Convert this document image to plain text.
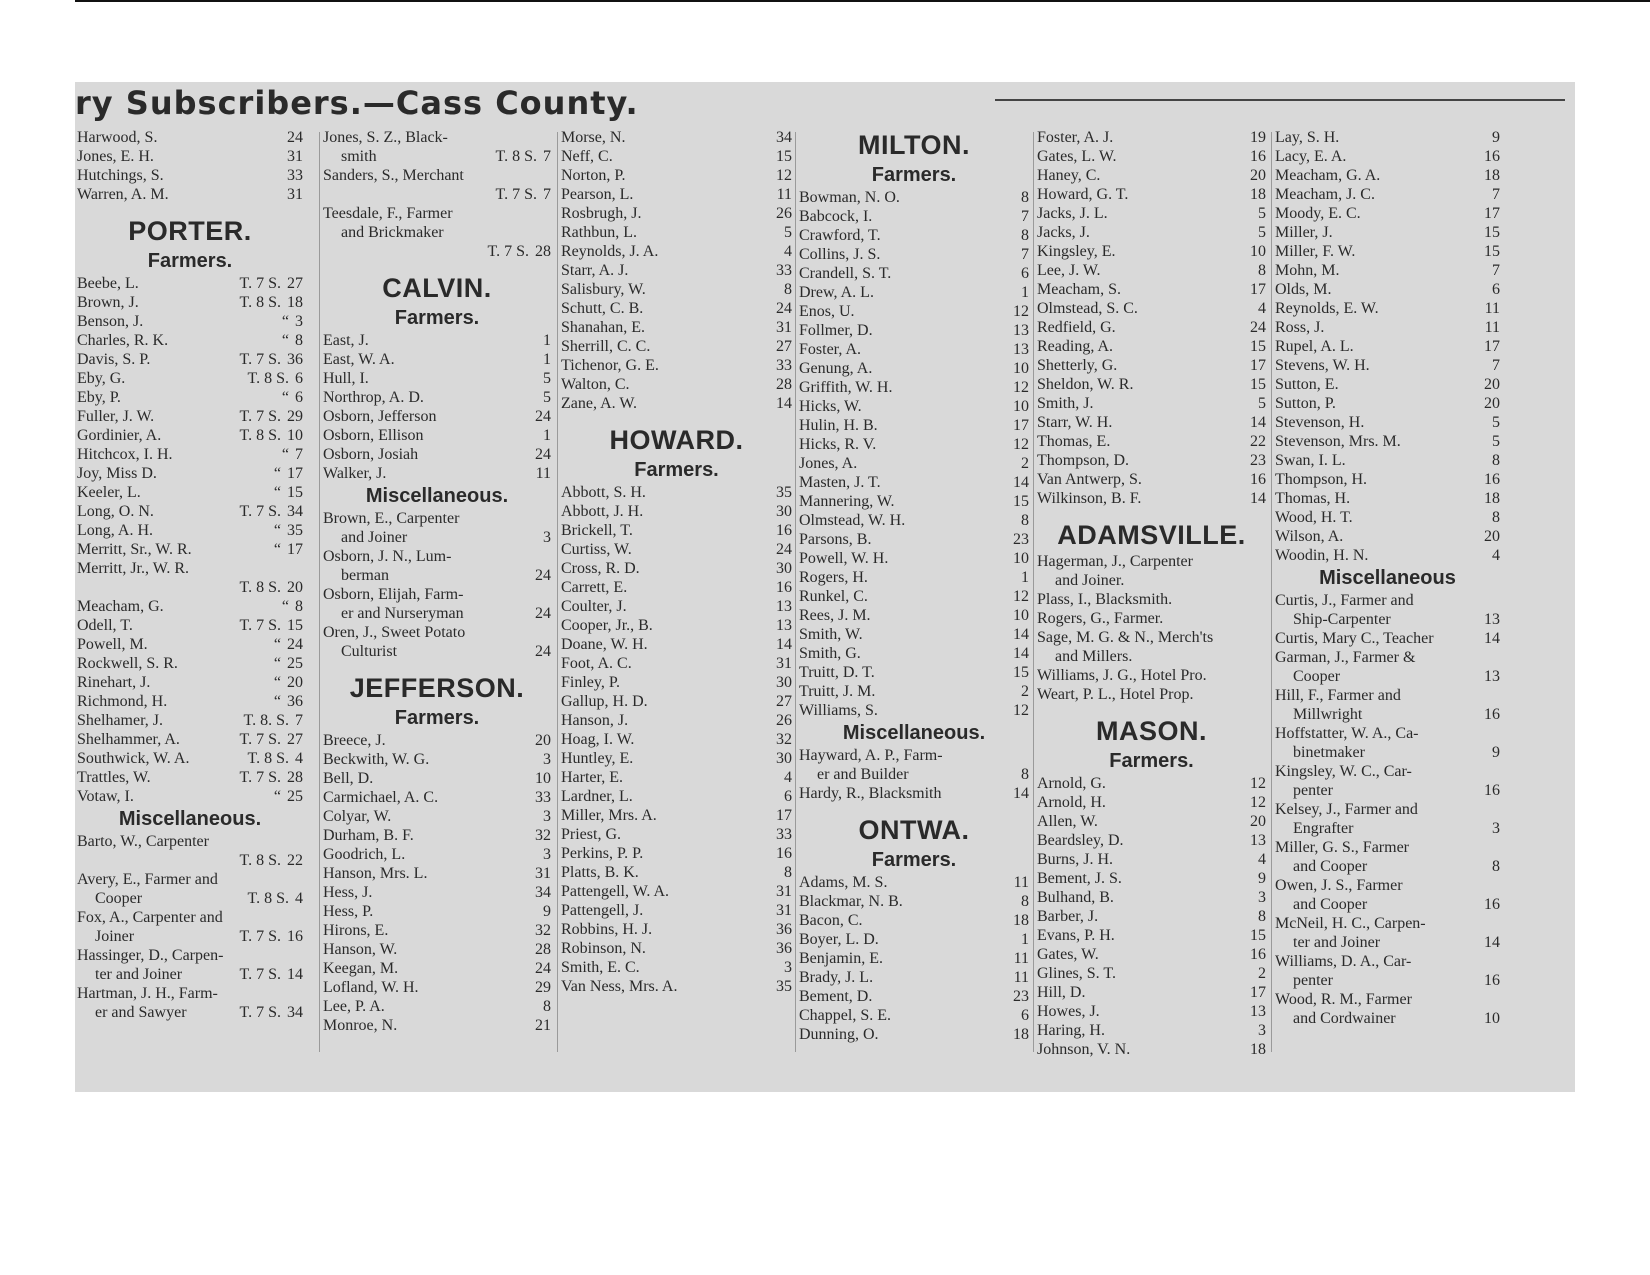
ry Subscribers.—Cass County.
Harwood, S.	24
Jones, E. H.	31
Hutchings, S.	33
Warren, A. M.	31
PORTER.
Farmers.
Beebe, L.	T. 7 S. 27
Brown, J.	T. 8 S. 18
Benson, J.	“ 3
Charles, R. K.	“ 8
Davis, S. P.	T. 7 S. 36
Eby, G.	T. 8 S. 6
Eby, P.	“ 6
Fuller, J. W.	T. 7 S. 29
Gordinier, A.	T. 8 S. 10
Hitchcox, I. H.	“ 7
Joy, Miss D.	“ 17
Keeler, L.	“ 15
Long, O. N.	T. 7 S. 34
Long, A. H.	“ 35
Merritt, Sr., W. R.	“ 17
Merritt, Jr., W. R.
T. 8 S. 20
Meacham, G.	“ 8
Odell, T.	T. 7 S. 15
Powell, M.	“ 24
Rockwell, S. R.	“ 25
Rinehart, J.	“ 20
Richmond, H.	“ 36
Shelhamer, J.	T. 8. S. 7
Shelhammer, A.	T. 7 S. 27
Southwick, W. A.	T. 8 S. 4
Trattles, W.	T. 7 S. 28
Votaw, I.	“ 25
Miscellaneous.
Barto, W., Carpenter
T. 8 S. 22
Avery, E., Farmer and
Cooper	T. 8 S. 4
Fox, A., Carpenter and
Joiner	T. 7 S. 16
Hassinger, D., Carpen-
ter and Joiner	T. 7 S. 14
Hartman, J. H., Farm-
er and Sawyer	T. 7 S. 34
Jones, S. Z., Black-
smith	T. 8 S. 7
Sanders, S., Merchant
T. 7 S. 7
Teesdale, F., Farmer
and Brickmaker
T. 7 S. 28
CALVIN.
Farmers.
East, J.	1
East, W. A.	1
Hull, I.	5
Northrop, A. D.	5
Osborn, Jefferson	24
Osborn, Ellison	1
Osborn, Josiah	24
Walker, J.	11
Miscellaneous.
Brown, E., Carpenter
and Joiner	3
Osborn, J. N., Lum-
berman	24
Osborn, Elijah, Farm-
er and Nurseryman	24
Oren, J., Sweet Potato
Culturist	24
JEFFERSON.
Farmers.
Breece, J.	20
Beckwith, W. G.	3
Bell, D.	10
Carmichael, A. C.	33
Colyar, W.	3
Durham, B. F.	32
Goodrich, L.	3
Hanson, Mrs. L.	31
Hess, J.	34
Hess, P.	9
Hirons, E.	32
Hanson, W.	28
Keegan, M.	24
Lofland, W. H.	29
Lee, P. A.	8
Monroe, N.	21
Morse, N.	34
Neff, C.	15
Norton, P.	12
Pearson, L.	11
Rosbrugh, J.	26
Rathbun, L.	5
Reynolds, J. A.	4
Starr, A. J.	33
Salisbury, W.	8
Schutt, C. B.	24
Shanahan, E.	31
Sherrill, C. C.	27
Tichenor, G. E.	33
Walton, C.	28
Zane, A. W.	14
HOWARD.
Farmers.
Abbott, S. H.	35
Abbott, J. H.	30
Brickell, T.	16
Curtiss, W.	24
Cross, R. D.	30
Carrett, E.	16
Coulter, J.	13
Cooper, Jr., B.	13
Doane, W. H.	14
Foot, A. C.	31
Finley, P.	30
Gallup, H. D.	27
Hanson, J.	26
Hoag, I. W.	32
Huntley, E.	30
Harter, E.	4
Lardner, L.	6
Miller, Mrs. A.	17
Priest, G.	33
Perkins, P. P.	16
Platts, B. K.	8
Pattengell, W. A.	31
Pattengell, J.	31
Robbins, H. J.	36
Robinson, N.	36
Smith, E. C.	3
Van Ness, Mrs. A.	35
MILTON.
Farmers.
Bowman, N. O.	8
Babcock, I.	7
Crawford, T.	8
Collins, J. S.	7
Crandell, S. T.	6
Drew, A. L.	1
Enos, U.	12
Follmer, D.	13
Foster, A.	13
Genung, A.	10
Griffith, W. H.	12
Hicks, W.	10
Hulin, H. B.	17
Hicks, R. V.	12
Jones, A.	2
Masten, J. T.	14
Mannering, W.	15
Olmstead, W. H.	8
Parsons, B.	23
Powell, W. H.	10
Rogers, H.	1
Runkel, C.	12
Rees, J. M.	10
Smith, W.	14
Smith, G.	14
Truitt, D. T.	15
Truitt, J. M.	2
Williams, S.	12
Miscellaneous.
Hayward, A. P., Farm-
er and Builder	8
Hardy, R., Blacksmith	14
ONTWA.
Farmers.
Adams, M. S.	11
Blackmar, N. B.	8
Bacon, C.	18
Boyer, L. D.	1
Benjamin, E.	11
Brady, J. L.	11
Bement, D.	23
Chappel, S. E.	6
Dunning, O.	18
Foster, A. J.	19
Gates, L. W.	16
Haney, C.	20
Howard, G. T.	18
Jacks, J. L.	5
Jacks, J.	5
Kingsley, E.	10
Lee, J. W.	8
Meacham, S.	17
Olmstead, S. C.	4
Redfield, G.	24
Reading, A.	15
Shetterly, G.	17
Sheldon, W. R.	15
Smith, J.	5
Starr, W. H.	14
Thomas, E.	22
Thompson, D.	23
Van Antwerp, S.	16
Wilkinson, B. F.	14
ADAMSVILLE.
Hagerman, J., Carpenter
and Joiner.
Plass, I., Blacksmith.
Rogers, G., Farmer.
Sage, M. G. & N., Merch'ts
and Millers.
Williams, J. G., Hotel Pro.
Weart, P. L., Hotel Prop.
MASON.
Farmers.
Arnold, G.	12
Arnold, H.	12
Allen, W.	20
Beardsley, D.	13
Burns, J. H.	4
Bement, J. S.	9
Bulhand, B.	3
Barber, J.	8
Evans, P. H.	15
Gates, W.	16
Glines, S. T.	2
Hill, D.	17
Howes, J.	13
Haring, H.	3
Johnson, V. N.	18
Lay, S. H.	9
Lacy, E. A.	16
Meacham, G. A.	18
Meacham, J. C.	7
Moody, E. C.	17
Miller, J.	15
Miller, F. W.	15
Mohn, M.	7
Olds, M.	6
Reynolds, E. W.	11
Ross, J.	11
Rupel, A. L.	17
Stevens, W. H.	7
Sutton, E.	20
Sutton, P.	20
Stevenson, H.	5
Stevenson, Mrs. M.	5
Swan, I. L.	8
Thompson, H.	16
Thomas, H.	18
Wood, H. T.	8
Wilson, A.	20
Woodin, H. N.	4
Miscellaneous
Curtis, J., Farmer and
Ship-Carpenter	13
Curtis, Mary C., Teacher	14
Garman, J., Farmer &
Cooper	13
Hill, F., Farmer and
Millwright	16
Hoffstatter, W. A., Ca-
binetmaker	9
Kingsley, W. C., Car-
penter	16
Kelsey, J., Farmer and
Engrafter	3
Miller, G. S., Farmer
and Cooper	8
Owen, J. S., Farmer
and Cooper	16
McNeil, H. C., Carpen-
ter and Joiner	14
Williams, D. A., Car-
penter	16
Wood, R. M., Farmer
and Cordwainer	10
